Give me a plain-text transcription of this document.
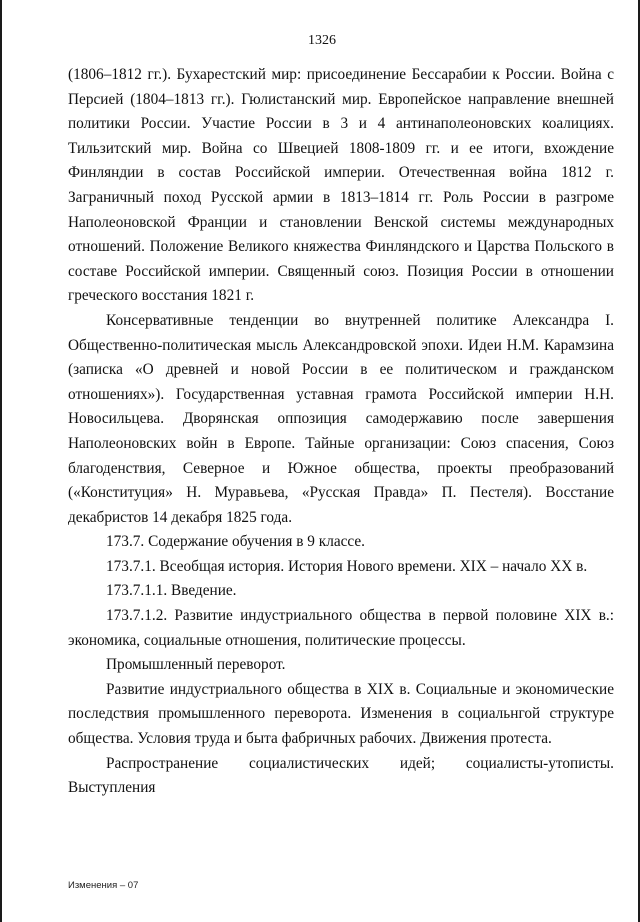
1326

(1806–1812 гг.). Бухарестский мир: присоединение Бессарабии к России. Война с Персией (1804–1813 гг.). Гюлистанский мир. Европейское направление внешней политики России. Участие России в 3 и 4 антинаполеоновских коалициях. Тильзитский мир. Война со Швецией 1808-1809 гг. и ее итоги, вхождение Финляндии в состав Российской империи. Отечественная война 1812 г. Заграничный поход Русской армии в 1813–1814 гг. Роль России в разгроме Наполеоновской Франции и становлении Венской системы международных отношений. Положение Великого княжества Финляндского и Царства Польского в составе Российской империи. Священный союз. Позиция России в отношении греческого восстания 1821 г.

Консервативные тенденции во внутренней политике Александра I. Общественно-политическая мысль Александровской эпохи. Идеи Н.М. Карамзина (записка «О древней и новой России в ее политическом и гражданском отношениях»). Государственная уставная грамота Российской империи Н.Н. Новосильцева. Дворянская оппозиция самодержавию после завершения Наполеоновских войн в Европе. Тайные организации: Союз спасения, Союз благоденствия, Северное и Южное общества, проекты преобразований («Конституция» Н. Муравьева, «Русская Правда» П. Пестеля). Восстание декабристов 14 декабря 1825 года.

173.7. Содержание обучения в 9 классе.

173.7.1. Всеобщая история. История Нового времени. XIX – начало XX в.

173.7.1.1. Введение.

173.7.1.2. Развитие индустриального общества в первой половине XIX в.: экономика, социальные отношения, политические процессы.

Промышленный переворот.

Развитие индустриального общества в XIX в. Социальные и экономические последствия промышленного переворота. Изменения в социальнгой структуре общества. Условия труда и быта фабричных рабочих. Движения протеста.

Распространение социалистических идей; социалисты-утописты. Выступления

Изменения – 07
